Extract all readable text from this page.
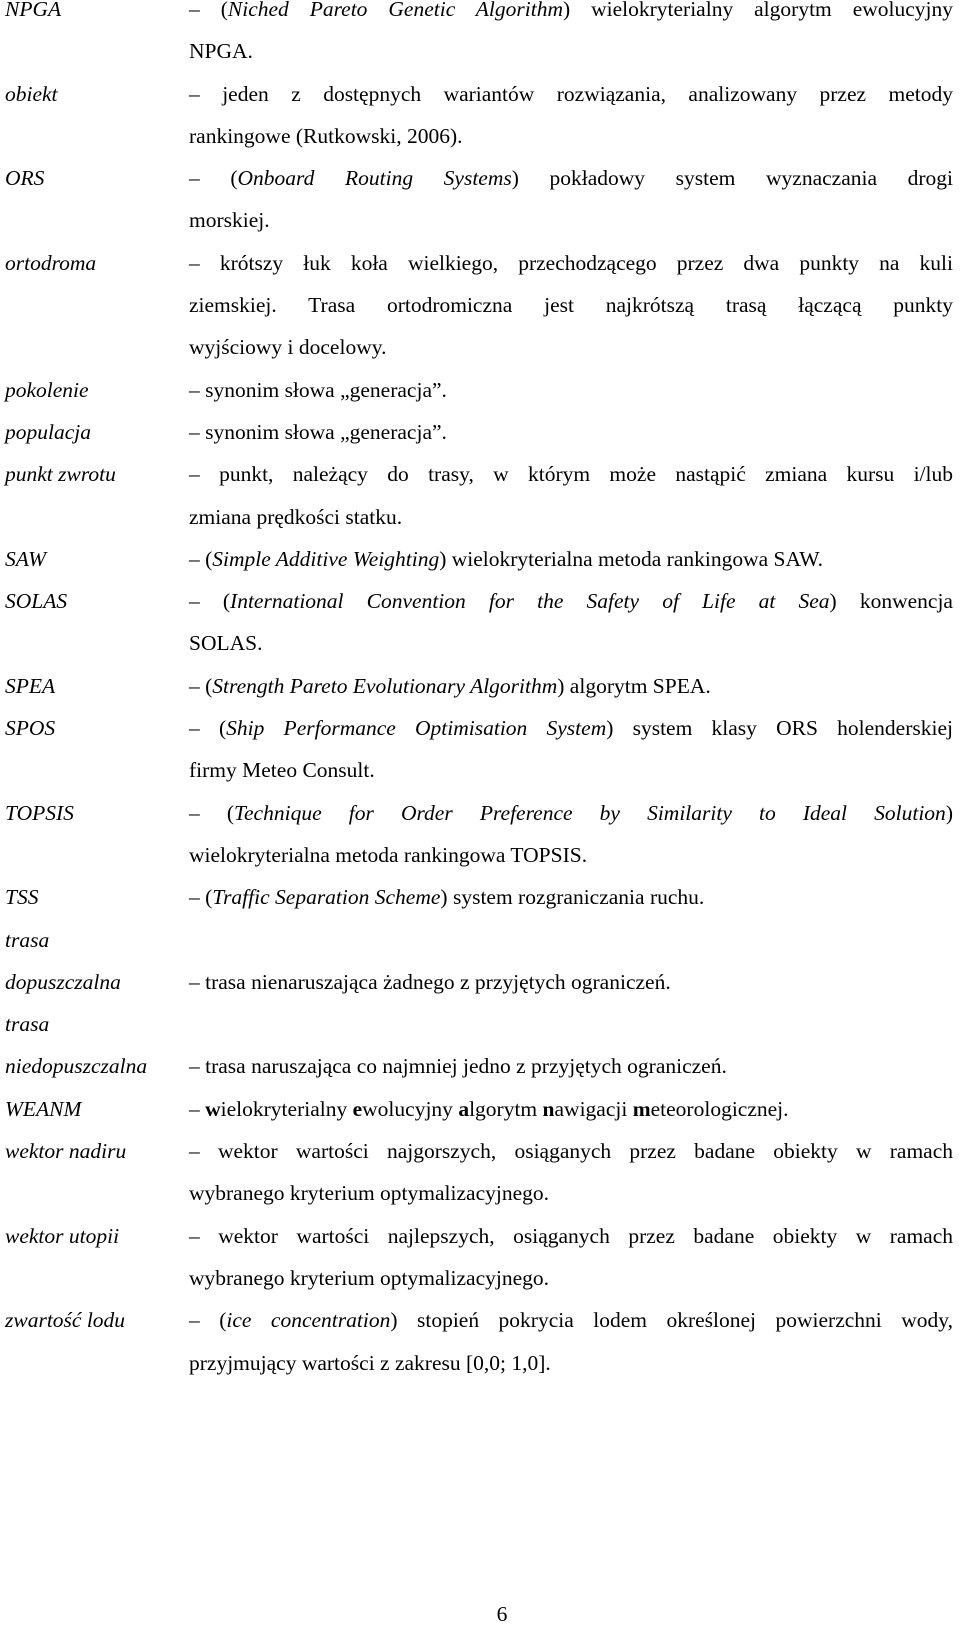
NPGA	– (Niched Pareto Genetic Algorithm) wielokryterialny algorytm ewolucyjny
NPGA.
obiekt	– jeden z dostępnych wariantów rozwiązania, analizowany przez metody
rankingowe (Rutkowski, 2006).
ORS	– (Onboard Routing Systems) pokładowy system wyznaczania drogi
morskiej.
ortodroma	– krótszy łuk koła wielkiego, przechodzącego przez dwa punkty na kuli
ziemskiej. Trasa ortodromiczna jest najkrótszą trasą łączącą punkty
wyjściowy i docelowy.
pokolenie	– synonim słowa „generacja”.
populacja	– synonim słowa „generacja”.
punkt zwrotu	– punkt, należący do trasy, w którym może nastąpić zmiana kursu i/lub
zmiana prędkości statku.
SAW	– (Simple Additive Weighting) wielokryterialna metoda rankingowa SAW.
SOLAS	– (International Convention for the Safety of Life at Sea) konwencja
SOLAS.
SPEA	– (Strength Pareto Evolutionary Algorithm) algorytm SPEA.
SPOS	– (Ship Performance Optimisation System) system klasy ORS holenderskiej
firmy Meteo Consult.
TOPSIS	– (Technique for Order Preference by Similarity to Ideal Solution)
wielokryterialna metoda rankingowa TOPSIS.
TSS	– (Traffic Separation Scheme) system rozgraniczania ruchu.
trasa
dopuszczalna
	– trasa nienaruszająca żadnego z przyjętych ograniczeń.
trasa
niedopuszczalna
	– trasa naruszająca co najmniej jedno z przyjętych ograniczeń.
WEANM	– wielokryterialny ewolucyjny algorytm nawigacji meteorologicznej.
wektor nadiru	– wektor wartości najgorszych, osiąganych przez badane obiekty w ramach
wybranego kryterium optymalizacyjnego.
wektor utopii	– wektor wartości najlepszych, osiąganych przez badane obiekty w ramach
wybranego kryterium optymalizacyjnego.
zwartość lodu	– (ice concentration) stopień pokrycia lodem określonej powierzchni wody,
przyjmujący wartości z zakresu [0,0; 1,0].
6
